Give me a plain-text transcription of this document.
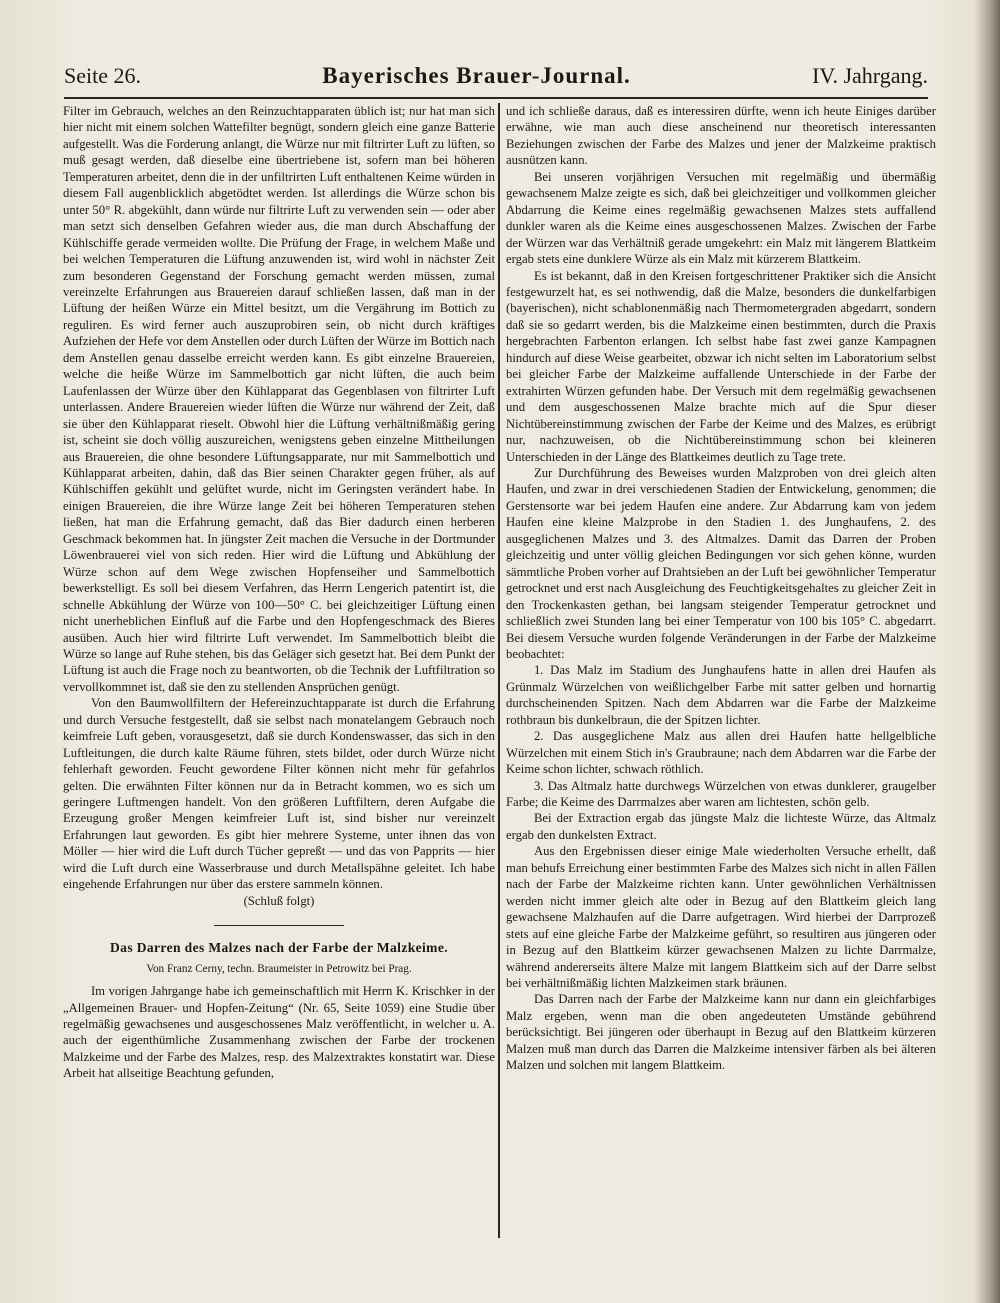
Seite 26.	Bayerisches Brauer-Journal.	IV. Jahrgang.

Filter im Gebrauch, welches an den Reinzuchtapparaten üblich ist; nur hat man sich hier nicht mit einem solchen Wattefilter begnügt, sondern gleich eine ganze Batterie aufgestellt. Was die Forderung anlangt, die Würze nur mit filtrirter Luft zu lüften, so muß gesagt werden, daß dieselbe eine übertriebene ist, sofern man bei höheren Temperaturen arbeitet, denn die in der unfiltrirten Luft enthaltenen Keime würden in diesem Fall augenblicklich abgetödtet werden. Ist allerdings die Würze schon bis unter 50° R. abgekühlt, dann würde nur filtrirte Luft zu verwenden sein — oder aber man setzt sich denselben Gefahren wieder aus, die man durch Abschaffung der Kühlschiffe gerade vermeiden wollte. Die Prüfung der Frage, in welchem Maße und bei welchen Temperaturen die Lüftung anzuwenden ist, wird wohl in nächster Zeit zum besonderen Gegenstand der Forschung gemacht werden müssen, zumal vereinzelte Erfahrungen aus Brauereien darauf schließen lassen, daß man in der Lüftung der heißen Würze ein Mittel besitzt, um die Vergährung im Bottich zu reguliren. Es wird ferner auch auszuprobiren sein, ob nicht durch kräftiges Aufziehen der Hefe vor dem Anstellen oder durch Lüften der Würze im Bottich nach dem Anstellen genau dasselbe erreicht werden kann. Es gibt einzelne Brauereien, welche die heiße Würze im Sammelbottich gar nicht lüften, die auch beim Laufenlassen der Würze über den Kühlapparat das Gegenblasen von filtrirter Luft unterlassen. Andere Brauereien wieder lüften die Würze nur während der Zeit, daß sie über den Kühlapparat rieselt. Obwohl hier die Lüftung verhältnißmäßig gering ist, scheint sie doch völlig auszureichen, wenigstens geben einzelne Mittheilungen aus Brauereien, die ohne besondere Lüftungsapparate, nur mit Sammelbottich und Kühlapparat arbeiten, dahin, daß das Bier seinen Charakter gegen früher, als auf Kühlschiffen gekühlt und gelüftet wurde, nicht im Geringsten verändert habe. In einigen Brauereien, die ihre Würze lange Zeit bei höheren Temperaturen stehen ließen, hat man die Erfahrung gemacht, daß das Bier dadurch einen herberen Geschmack bekommen hat. In jüngster Zeit machen die Versuche in der Dortmunder Löwenbrauerei viel von sich reden. Hier wird die Lüftung und Abkühlung der Würze schon auf dem Wege zwischen Hopfenseiher und Sammelbottich bewerkstelligt. Es soll bei diesem Verfahren, das Herrn Lengerich patentirt ist, die schnelle Abkühlung der Würze von 100—50° C. bei gleichzeitiger Lüftung einen nicht unerheblichen Einfluß auf die Farbe und den Hopfengeschmack des Bieres ausüben. Auch hier wird filtrirte Luft verwendet. Im Sammelbottich bleibt die Würze so lange auf Ruhe stehen, bis das Geläger sich gesetzt hat. Bei dem Punkt der Lüftung ist auch die Frage noch zu beantworten, ob die Technik der Luftfiltration so vervollkommnet ist, daß sie den zu stellenden Ansprüchen genügt.

Von den Baumwollfiltern der Hefereinzuchtapparate ist durch die Erfahrung und durch Versuche festgestellt, daß sie selbst nach monatelangem Gebrauch noch keimfreie Luft geben, vorausgesetzt, daß sie durch Kondenswasser, das sich in den Luftleitungen, die durch kalte Räume führen, stets bildet, oder durch Würze nicht fehlerhaft geworden. Feucht gewordene Filter können nicht mehr für gefahrlos gelten. Die erwähnten Filter können nur da in Betracht kommen, wo es sich um geringere Luftmengen handelt. Von den größeren Luftfiltern, deren Aufgabe die Erzeugung großer Mengen keimfreier Luft ist, sind bisher nur vereinzelt Erfahrungen laut geworden. Es gibt hier mehrere Systeme, unter ihnen das von Möller — hier wird die Luft durch Tücher gepreßt — und das von Papprits — hier wird die Luft durch eine Wasserbrause und durch Metallspähne geleitet. Ich habe eingehende Erfahrungen nur über das erstere sammeln können.

(Schluß folgt)

Das Darren des Malzes nach der Farbe der Malzkeime.
Von Franz Cerny, techn. Braumeister in Petrowitz bei Prag.

Im vorigen Jahrgange habe ich gemeinschaftlich mit Herrn K. Krischker in der „Allgemeinen Brauer- und Hopfen-Zeitung“ (Nr. 65, Seite 1059) eine Studie über regelmäßig gewachsenes und ausgeschossenes Malz veröffentlicht, in welcher u. A. auch der eigenthümliche Zusammenhang zwischen der Farbe der trockenen Malzkeime und der Farbe des Malzes, resp. des Malzextraktes konstatirt war. Diese Arbeit hat allseitige Beachtung gefunden,

und ich schließe daraus, daß es interessiren dürfte, wenn ich heute Einiges darüber erwähne, wie man auch diese anscheinend nur theoretisch interessanten Beziehungen zwischen der Farbe des Malzes und jener der Malzkeime praktisch ausnützen kann.

Bei unseren vorjährigen Versuchen mit regelmäßig und übermäßig gewachsenem Malze zeigte es sich, daß bei gleichzeitiger und vollkommen gleicher Abdarrung die Keime eines regelmäßig gewachsenen Malzes stets auffallend dunkler waren als die Keime eines ausgeschossenen Malzes. Zwischen der Farbe der Würzen war das Verhältniß gerade umgekehrt: ein Malz mit längerem Blattkeim ergab stets eine dunklere Würze als ein Malz mit kürzerem Blattkeim.

Es ist bekannt, daß in den Kreisen fortgeschrittener Praktiker sich die Ansicht festgewurzelt hat, es sei nothwendig, daß die Malze, besonders die dunkelfarbigen (bayerischen), nicht schablonenmäßig nach Thermometergraden abgedarrt, sondern daß sie so gedarrt werden, bis die Malzkeime einen bestimmten, durch die Praxis hergebrachten Farbenton erlangen. Ich selbst habe fast zwei ganze Kampagnen hindurch auf diese Weise gearbeitet, obzwar ich nicht selten im Laboratorium selbst bei gleicher Farbe der Malzkeime auffallende Unterschiede in der Farbe der extrahirten Würzen gefunden habe. Der Versuch mit dem regelmäßig gewachsenen und dem ausgeschossenen Malze brachte mich auf die Spur dieser Nichtübereinstimmung zwischen der Farbe der Keime und des Malzes, es erübrigt nur, nachzuweisen, ob die Nichtübereinstimmung schon bei kleineren Unterschieden in der Länge des Blattkeimes deutlich zu Tage trete.

Zur Durchführung des Beweises wurden Malzproben von drei gleich alten Haufen, und zwar in drei verschiedenen Stadien der Entwickelung, genommen; die Gerstensorte war bei jedem Haufen eine andere. Zur Abdarrung kam von jedem Haufen eine kleine Malzprobe in den Stadien 1. des Junghaufens, 2. des ausgeglichenen Malzes und 3. des Altmalzes. Damit das Darren der Proben gleichzeitig und unter völlig gleichen Bedingungen vor sich gehen könne, wurden sämmtliche Proben vorher auf Drahtsieben an der Luft bei gewöhnlicher Temperatur getrocknet und erst nach Ausgleichung des Feuchtigkeitsgehaltes zu gleicher Zeit in den Trockenkasten gethan, bei langsam steigender Temperatur getrocknet und schließlich zwei Stunden lang bei einer Temperatur von 100 bis 105° C. abgedarrt. Bei diesem Versuche wurden folgende Veränderungen in der Farbe der Malzkeime beobachtet:

1. Das Malz im Stadium des Junghaufens hatte in allen drei Haufen als Grünmalz Würzelchen von weißlichgelber Farbe mit satter gelben und hornartig durchscheinenden Spitzen. Nach dem Abdarren war die Farbe der Malzkeime rothbraun bis dunkelbraun, die der Spitzen lichter.

2. Das ausgeglichene Malz aus allen drei Haufen hatte hellgelbliche Würzelchen mit einem Stich in's Graubraune; nach dem Abdarren war die Farbe der Keime schon lichter, schwach röthlich.

3. Das Altmalz hatte durchwegs Würzelchen von etwas dunklerer, graugelber Farbe; die Keime des Darrmalzes aber waren am lichtesten, schön gelb.

Bei der Extraction ergab das jüngste Malz die lichteste Würze, das Altmalz ergab den dunkelsten Extract.

Aus den Ergebnissen dieser einige Male wiederholten Versuche erhellt, daß man behufs Erreichung einer bestimmten Farbe des Malzes sich nicht in allen Fällen nach der Farbe der Malzkeime richten kann. Unter gewöhnlichen Verhältnissen werden nicht immer gleich alte oder in Bezug auf den Blattkeim gleich lang gewachsene Malzhaufen auf die Darre aufgetragen. Wird hierbei der Darrprozeß stets auf eine gleiche Farbe der Malzkeime geführt, so resultiren aus jüngeren oder in Bezug auf den Blattkeim kürzer gewachsenen Malzen zu lichte Darrmalze, während andererseits ältere Malze mit langem Blattkeim sich auf der Darre selbst bei verhältnißmäßig lichten Malzkeimen stark bräunen.

Das Darren nach der Farbe der Malzkeime kann nur dann ein gleichfarbiges Malz ergeben, wenn man die oben angedeuteten Umstände gebührend berücksichtigt. Bei jüngeren oder überhaupt in Bezug auf den Blattkeim kürzeren Malzen muß man durch das Darren die Malzkeime intensiver färben als bei älteren Malzen und solchen mit langem Blattkeim.
